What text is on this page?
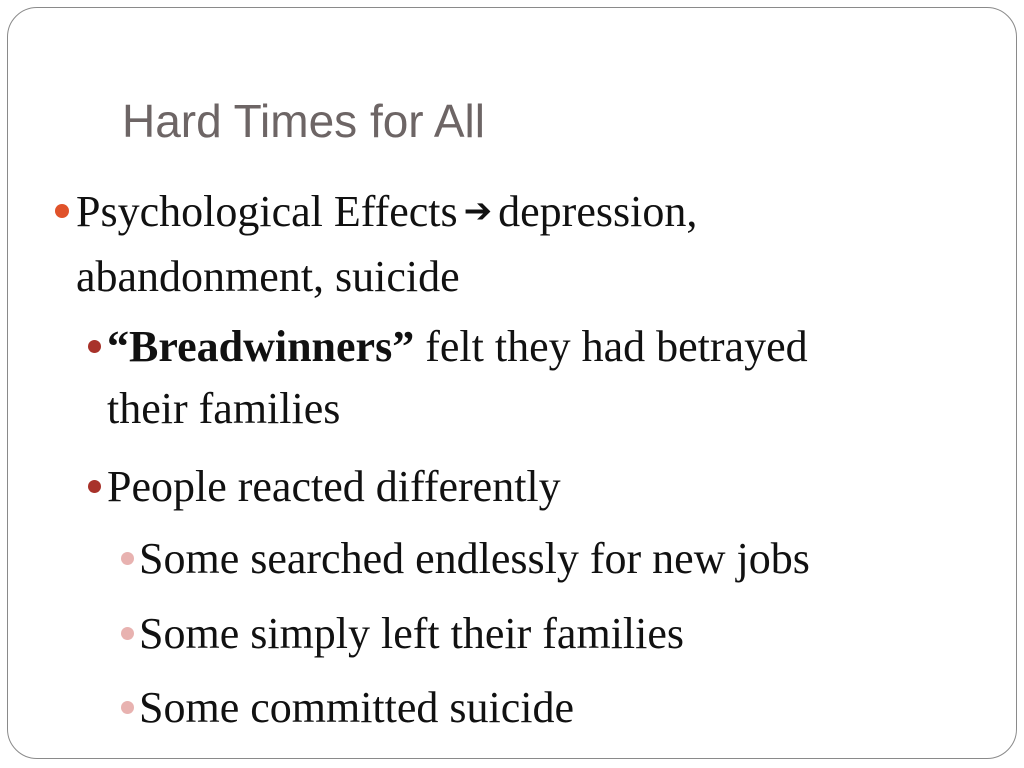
Hard Times for All
Psychological Effects ➔ depression,
abandonment, suicide
“Breadwinners” felt they had betrayed
their families
People reacted differently
Some searched endlessly for new jobs
Some simply left their families
Some committed suicide
